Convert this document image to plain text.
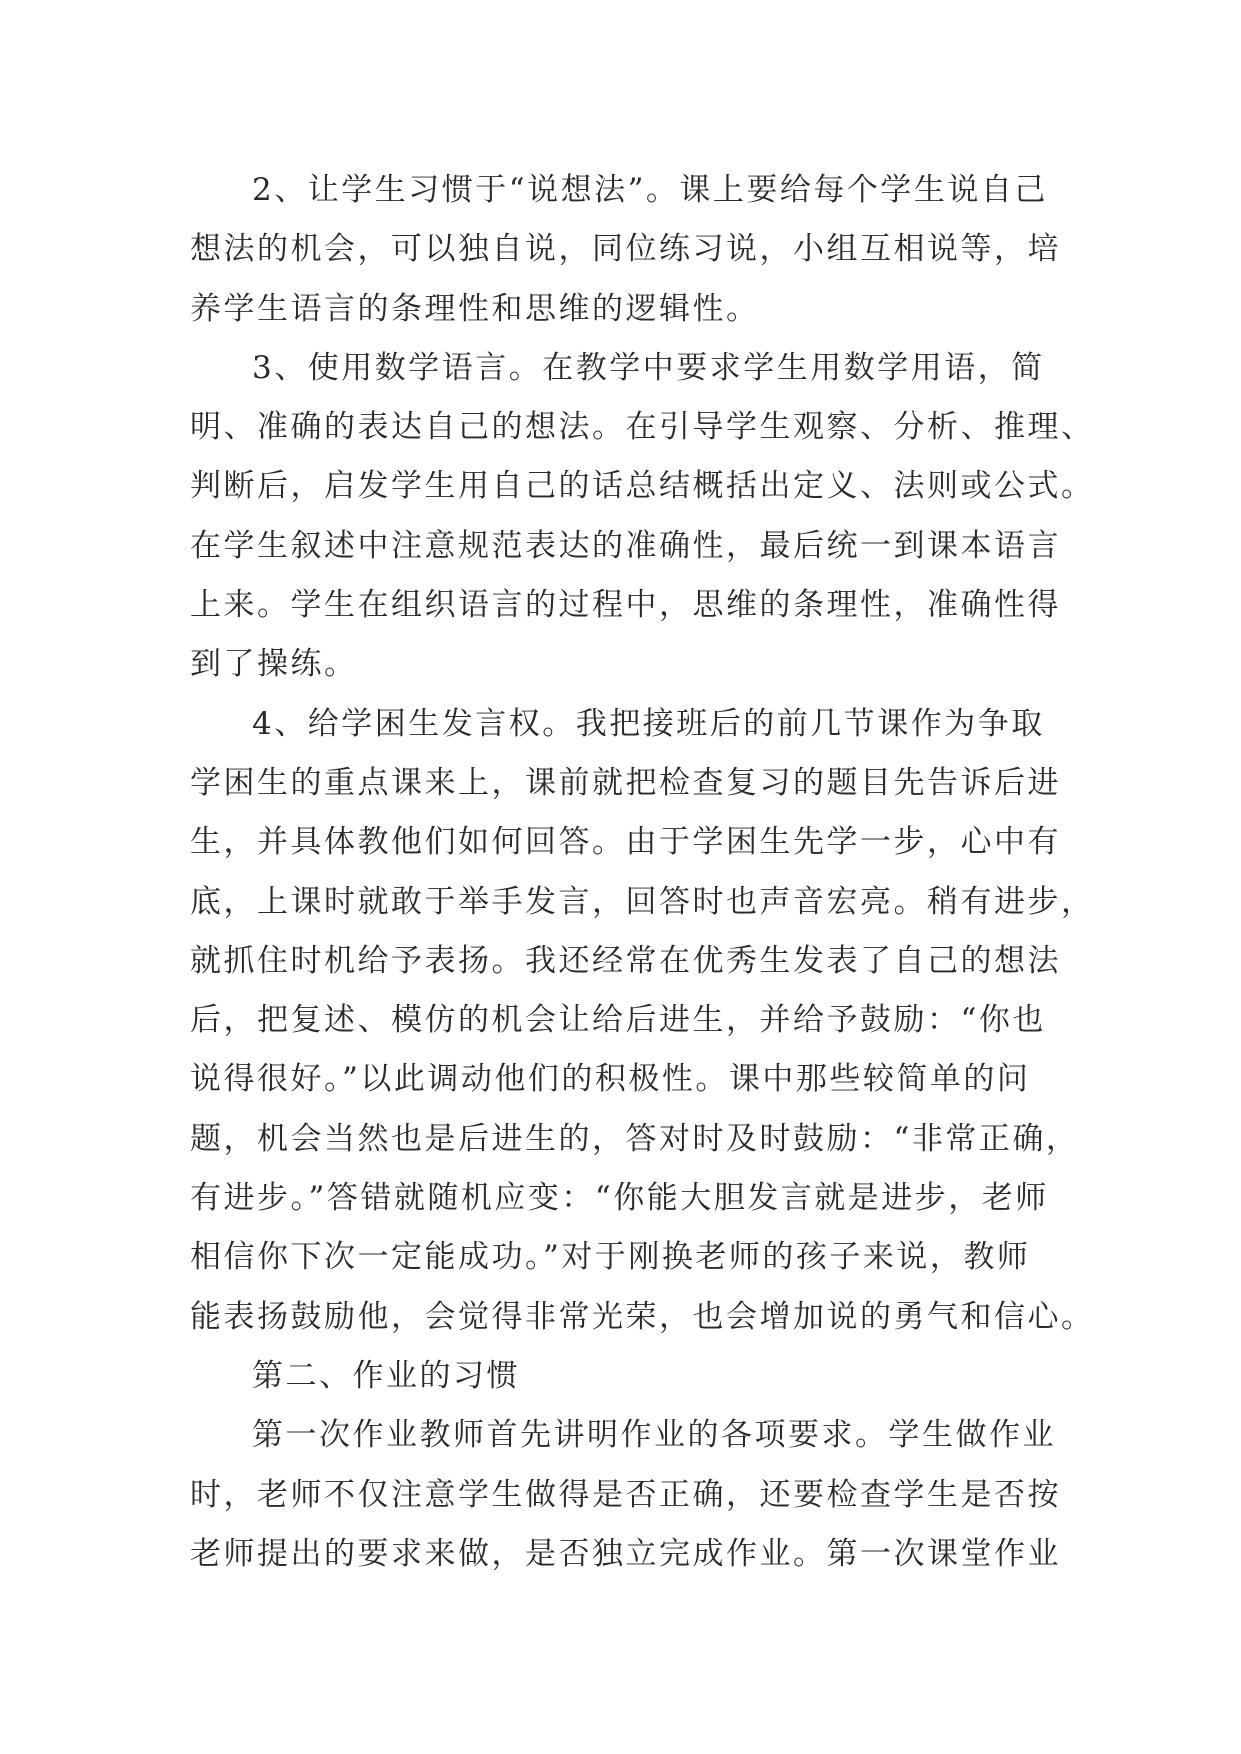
2、让学生习惯于“说想法”。课上要给每个学生说自己
想法的机会，可以独自说，同位练习说，小组互相说等，培
养学生语言的条理性和思维的逻辑性。

3、使用数学语言。在教学中要求学生用数学用语，简
明、准确的表达自己的想法。在引导学生观察、分析、推理、
判断后，启发学生用自己的话总结概括出定义、法则或公式。
在学生叙述中注意规范表达的准确性，最后统一到课本语言
上来。学生在组织语言的过程中，思维的条理性，准确性得
到了操练。

4、给学困生发言权。我把接班后的前几节课作为争取
学困生的重点课来上，课前就把检查复习的题目先告诉后进
生，并具体教他们如何回答。由于学困生先学一步，心中有
底，上课时就敢于举手发言，回答时也声音宏亮。稍有进步，
就抓住时机给予表扬。我还经常在优秀生发表了自己的想法
后，把复述、模仿的机会让给后进生，并给予鼓励：“你也
说得很好。”以此调动他们的积极性。课中那些较简单的问
题，机会当然也是后进生的，答对时及时鼓励：“非常正确，
有进步。”答错就随机应变：“你能大胆发言就是进步，老师
相信你下次一定能成功。”对于刚换老师的孩子来说，教师
能表扬鼓励他，会觉得非常光荣，也会增加说的勇气和信心。

第二、作业的习惯

第一次作业教师首先讲明作业的各项要求。学生做作业
时，老师不仅注意学生做得是否正确，还要检查学生是否按
老师提出的要求来做，是否独立完成作业。第一次课堂作业
